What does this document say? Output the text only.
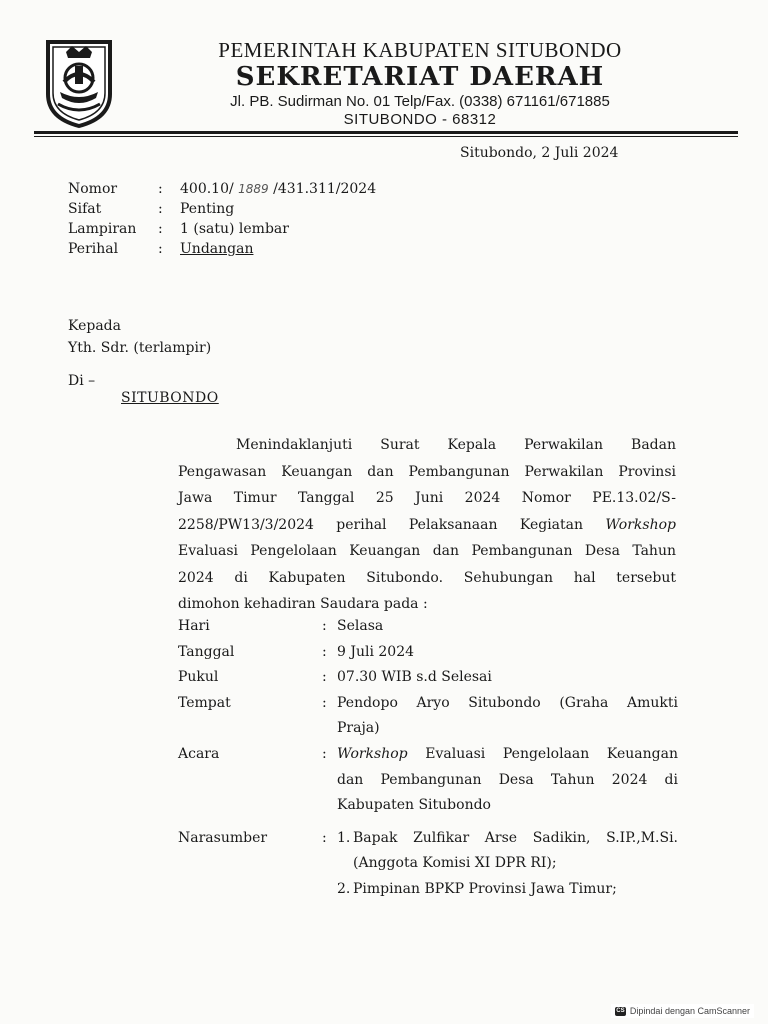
PEMERINTAH KABUPATEN SITUBONDO
SEKRETARIAT DAERAH
Jl. PB. Sudirman No. 01 Telp/Fax. (0338) 671161/671885
SITUBONDO - 68312
Situbondo, 2 Juli 2024
Nomor	:	400.10/ 1889 /431.311/2024
Sifat	:	Penting
Lampiran	:	1 (satu) lembar
Perihal	:	Undangan
Kepada
Yth. Sdr. (terlampir)
Di –
SITUBONDO
Menindaklanjuti Surat Kepala Perwakilan Badan
Pengawasan Keuangan dan Pembangunan Perwakilan Provinsi
Jawa Timur Tanggal 25 Juni 2024 Nomor PE.13.02/S-
2258/PW13/3/2024 perihal Pelaksanaan Kegiatan Workshop
Evaluasi Pengelolaan Keuangan dan Pembangunan Desa Tahun
2024 di Kabupaten Situbondo. Sehubungan hal tersebut
dimohon kehadiran Saudara pada :
Hari	: Selasa
Tanggal	: 9 Juli 2024
Pukul	: 07.30 WIB s.d Selesai
Tempat	: Pendopo Aryo Situbondo (Graha Amukti
Praja)
Acara	: Workshop Evaluasi Pengelolaan Keuangan
dan Pembangunan Desa Tahun 2024 di
Kabupaten Situbondo
Narasumber	: 1. Bapak Zulfikar Arse Sadikin, S.IP.,M.Si.
(Anggota Komisi XI DPR RI);
2. Pimpinan BPKP Provinsi Jawa Timur;
CS Dipindai dengan CamScanner
